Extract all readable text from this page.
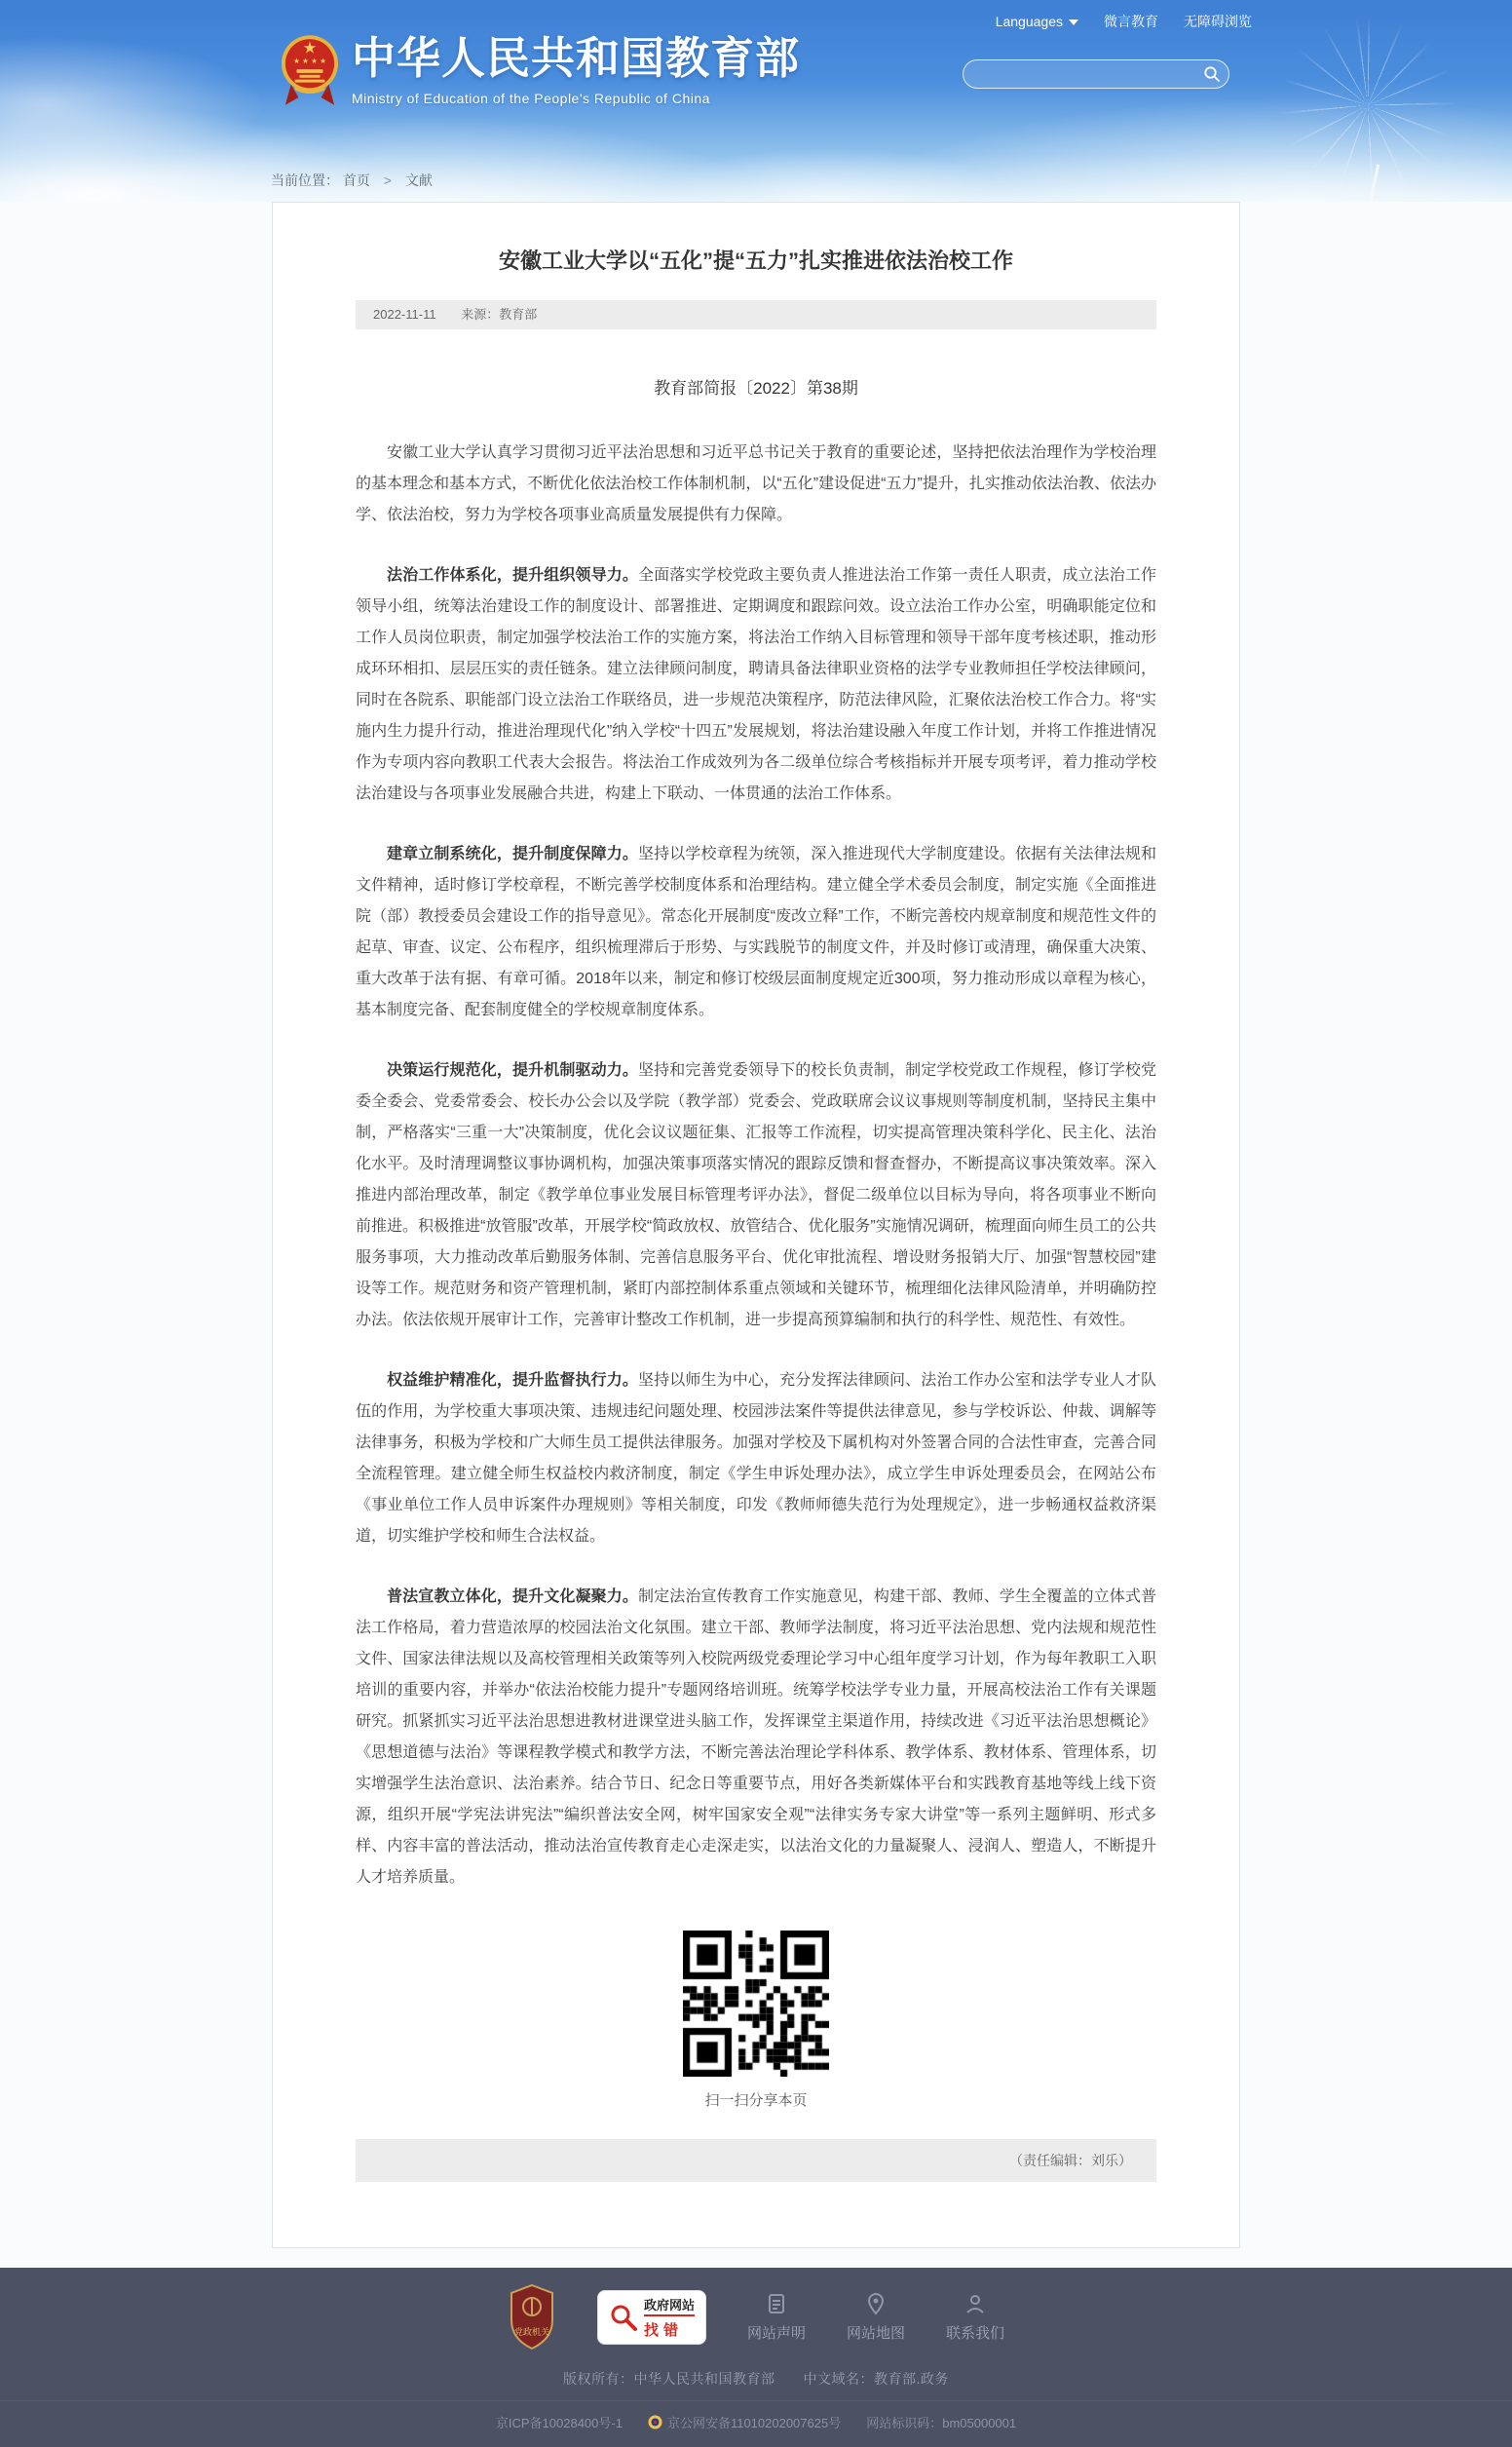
Languages	微言教育 无障碍浏览
★
★ ★ ★ ★ 中华人民共和国教育部
Ministry of Education of the People's Republic of China
当前位置： 首页 > 文献
安徽工业大学以“五化”提“五力”扎实推进依法治校工作
2022-11-11 来源：教育部
教育部简报〔2022〕第38期

安徽工业大学认真学习贯彻习近平法治思想和习近平总书记关于教育的重要论述，坚持把依法治理作为学校治理的基本理念和基本方式，不断优化依法治校工作体制机制，以“五化”建设促进“五力”提升，扎实推动依法治教、依法办学、依法治校，努力为学校各项事业高质量发展提供有力保障。

法治工作体系化，提升组织领导力。全面落实学校党政主要负责人推进法治工作第一责任人职责，成立法治工作领导小组，统筹法治建设工作的制度设计、部署推进、定期调度和跟踪问效。设立法治工作办公室，明确职能定位和工作人员岗位职责，制定加强学校法治工作的实施方案，将法治工作纳入目标管理和领导干部年度考核述职，推动形成环环相扣、层层压实的责任链条。建立法律顾问制度，聘请具备法律职业资格的法学专业教师担任学校法律顾问，同时在各院系、职能部门设立法治工作联络员，进一步规范决策程序，防范法律风险，汇聚依法治校工作合力。将“实施内生力提升行动，推进治理现代化”纳入学校“十四五”发展规划，将法治建设融入年度工作计划，并将工作推进情况作为专项内容向教职工代表大会报告。将法治工作成效列为各二级单位综合考核指标并开展专项考评，着力推动学校法治建设与各项事业发展融合共进，构建上下联动、一体贯通的法治工作体系。

建章立制系统化，提升制度保障力。坚持以学校章程为统领，深入推进现代大学制度建设。依据有关法律法规和文件精神，适时修订学校章程，不断完善学校制度体系和治理结构。建立健全学术委员会制度，制定实施《全面推进院（部）教授委员会建设工作的指导意见》。常态化开展制度“废改立释”工作，不断完善校内规章制度和规范性文件的起草、审查、议定、公布程序，组织梳理滞后于形势、与实践脱节的制度文件，并及时修订或清理，确保重大决策、重大改革于法有据、有章可循。2018年以来，制定和修订校级层面制度规定近300项，努力推动形成以章程为核心，基本制度完备、配套制度健全的学校规章制度体系。

决策运行规范化，提升机制驱动力。坚持和完善党委领导下的校长负责制，制定学校党政工作规程，修订学校党委全委会、党委常委会、校长办公会以及学院（教学部）党委会、党政联席会议议事规则等制度机制，坚持民主集中制，严格落实“三重一大”决策制度，优化会议议题征集、汇报等工作流程，切实提高管理决策科学化、民主化、法治化水平。及时清理调整议事协调机构，加强决策事项落实情况的跟踪反馈和督查督办，不断提高议事决策效率。深入推进内部治理改革，制定《教学单位事业发展目标管理考评办法》，督促二级单位以目标为导向，将各项事业不断向前推进。积极推进“放管服”改革，开展学校“简政放权、放管结合、优化服务”实施情况调研，梳理面向师生员工的公共服务事项，大力推动改革后勤服务体制、完善信息服务平台、优化审批流程、增设财务报销大厅、加强“智慧校园”建设等工作。规范财务和资产管理机制，紧盯内部控制体系重点领域和关键环节，梳理细化法律风险清单，并明确防控办法。依法依规开展审计工作，完善审计整改工作机制，进一步提高预算编制和执行的科学性、规范性、有效性。

权益维护精准化，提升监督执行力。坚持以师生为中心，充分发挥法律顾问、法治工作办公室和法学专业人才队伍的作用，为学校重大事项决策、违规违纪问题处理、校园涉法案件等提供法律意见，参与学校诉讼、仲裁、调解等法律事务，积极为学校和广大师生员工提供法律服务。加强对学校及下属机构对外签署合同的合法性审查，完善合同全流程管理。建立健全师生权益校内救济制度，制定《学生申诉处理办法》，成立学生申诉处理委员会，在网站公布《事业单位工作人员申诉案件办理规则》等相关制度，印发《教师师德失范行为处理规定》，进一步畅通权益救济渠道，切实维护学校和师生合法权益。

普法宣教立体化，提升文化凝聚力。制定法治宣传教育工作实施意见，构建干部、教师、学生全覆盖的立体式普法工作格局，着力营造浓厚的校园法治文化氛围。建立干部、教师学法制度，将习近平法治思想、党内法规和规范性文件、国家法律法规以及高校管理相关政策等列入校院两级党委理论学习中心组年度学习计划，作为每年教职工入职培训的重要内容，并举办“依法治校能力提升”专题网络培训班。统筹学校法学专业力量，开展高校法治工作有关课题研究。抓紧抓实习近平法治思想进教材进课堂进头脑工作，发挥课堂主渠道作用，持续改进《习近平法治思想概论》《思想道德与法治》等课程教学模式和教学方法，不断完善法治理论学科体系、教学体系、教材体系、管理体系，切实增强学生法治意识、法治素养。结合节日、纪念日等重要节点，用好各类新媒体平台和实践教育基地等线上线下资源，组织开展“学宪法讲宪法”“编织普法安全网，树牢国家安全观”“法律实务专家大讲堂”等一系列主题鲜明、形式多样、内容丰富的普法活动，推动法治宣传教育走心走深走实，以法治文化的力量凝聚人、浸润人、塑造人，不断提升人才培养质量。

扫一扫分享本页
（责任编辑：刘乐）
党政机关
政府网站
找错	网站声明	网站地图	联系我们
版权所有：中华人民共和国教育部　　中文域名：教育部.政务
京ICP备10028400号-1	京公网安备11010202007625号 网站标识码：bm05000001
